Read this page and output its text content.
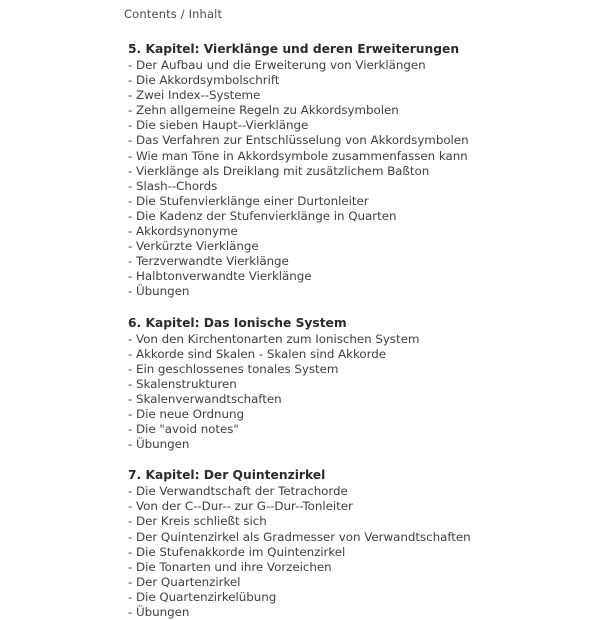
Contents / Inhalt
5. Kapitel: Vierklänge und deren Erweiterungen
- Der Aufbau und die Erweiterung von Vierklängen
- Die Akkordsymbolschrift
- Zwei Index--Systeme
- Zehn allgemeine Regeln zu Akkordsymbolen
- Die sieben Haupt--Vierklänge
- Das Verfahren zur Entschlüsselung von Akkordsymbolen
- Wie man Töne in Akkordsymbole zusammenfassen kann
- Vierklänge als Dreiklang mit zusätzlichem Baßton
- Slash--Chords
- Die Stufenvierklänge einer Durtonleiter
- Die Kadenz der Stufenvierklänge in Quarten
- Akkordsynonyme
- Verkürzte Vierklänge
- Terzverwandte Vierklänge
- Halbtonverwandte Vierklänge
- Übungen
6. Kapitel: Das Ionische System
- Von den Kirchentonarten zum Ionischen System
- Akkorde sind Skalen - Skalen sind Akkorde
- Ein geschlossenes tonales System
- Skalenstrukturen
- Skalenverwandtschaften
- Die neue Ordnung
- Die "avoid notes"
- Übungen
7. Kapitel: Der Quintenzirkel
- Die Verwandtschaft der Tetrachorde
- Von der C--Dur-- zur G--Dur--Tonleiter
- Der Kreis schließt sich
- Der Quintenzirkel als Gradmesser von Verwandtschaften
- Die Stufenakkorde im Quintenzirkel
- Die Tonarten und ihre Vorzeichen
- Der Quartenzirkel
- Die Quartenzirkelübung
- Übungen
